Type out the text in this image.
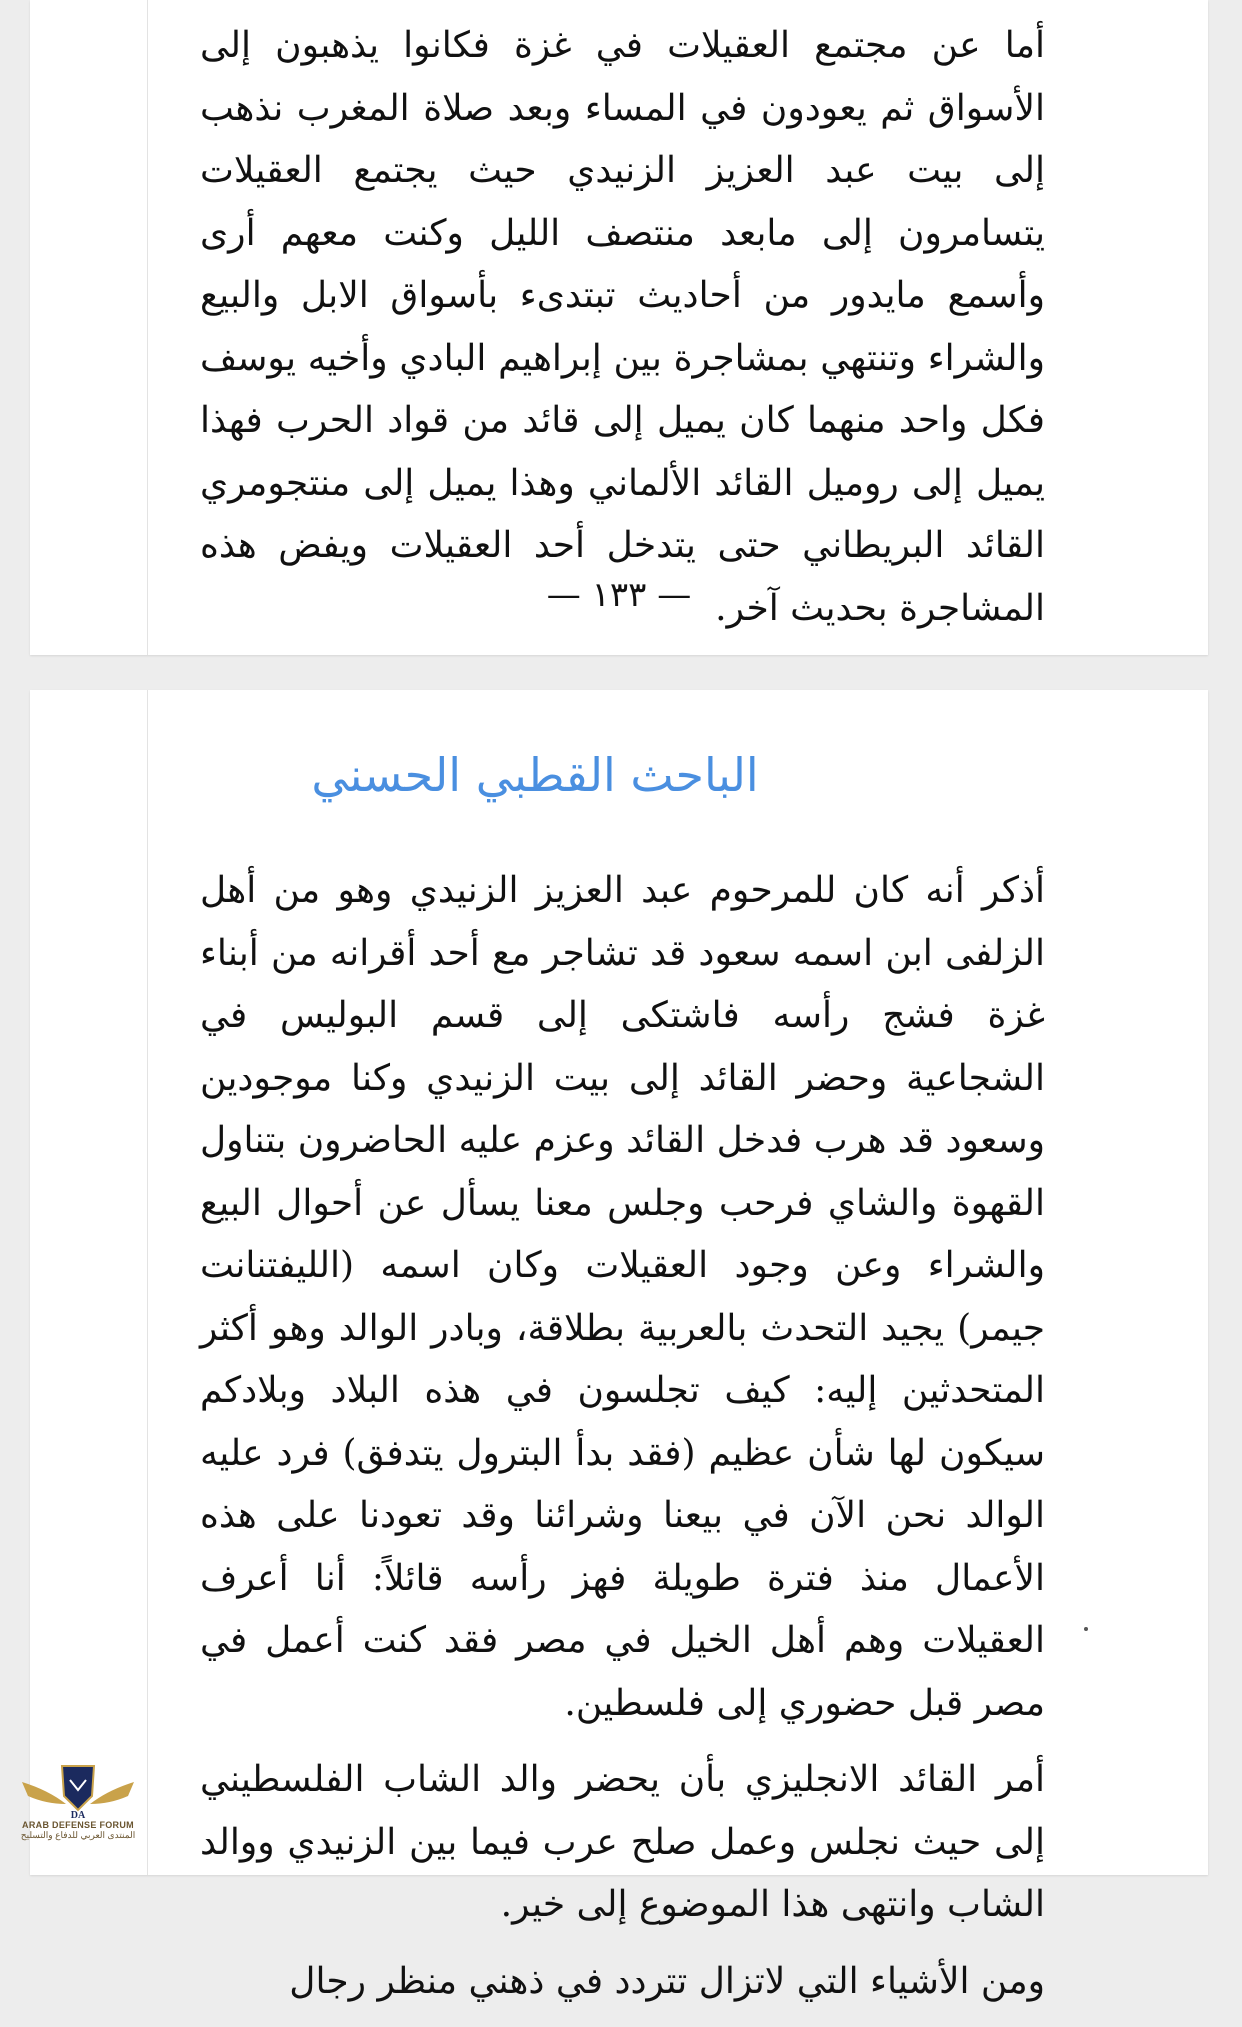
أما عن مجتمع العقيلات في غزة فكانوا يذهبون إلى الأسواق ثم يعودون في المساء وبعد صلاة المغرب نذهب إلى بيت عبد العزيز الزنيدي حيث يجتمع العقيلات يتسامرون إلى مابعد منتصف الليل وكنت معهم أرى وأسمع مايدور من أحاديث تبتدىء بأسواق الابل والبيع والشراء وتنتهي بمشاجرة بين إبراهيم البادي وأخيه يوسف فكل واحد منهما كان يميل إلى قائد من قواد الحرب فهذا يميل إلى روميل القائد الألماني وهذا يميل إلى منتجومري القائد البريطاني حتى يتدخل أحد العقيلات ويفض هذه المشاجرة بحديث آخر.

— ١٣٣ —
الباحث القطبي الحسني

أذكر أنه كان للمرحوم عبد العزيز الزنيدي وهو من أهل الزلفى ابن اسمه سعود قد تشاجر مع أحد أقرانه من أبناء غزة فشج رأسه فاشتكى إلى قسم البوليس في الشجاعية وحضر القائد إلى بيت الزنيدي وكنا موجودين وسعود قد هرب فدخل القائد وعزم عليه الحاضرون بتناول القهوة والشاي فرحب وجلس معنا يسأل عن أحوال البيع والشراء وعن وجود العقيلات وكان اسمه (الليفتنانت جيمر) يجيد التحدث بالعربية بطلاقة، وبادر الوالد وهو أكثر المتحدثين إليه: كيف تجلسون في هذه البلاد وبلادكم سيكون لها شأن عظيم (فقد بدأ البترول يتدفق) فرد عليه الوالد نحن الآن في بيعنا وشرائنا وقد تعودنا على هذه الأعمال منذ فترة طويلة فهز رأسه قائلاً: أنا أعرف العقيلات وهم أهل الخيل في مصر فقد كنت أعمل في مصر قبل حضوري إلى فلسطين.

أمر القائد الانجليزي بأن يحضر والد الشاب الفلسطيني إلى حيث نجلس وعمل صلح عرب فيما بين الزنيدي ووالد الشاب وانتهى هذا الموضوع إلى خير.

ومن الأشياء التي لاتزال تتردد في ذهني منظر رجال

DA
ARAB DEFENSE FORUM
المنتدى العربي للدفاع والتسليح
